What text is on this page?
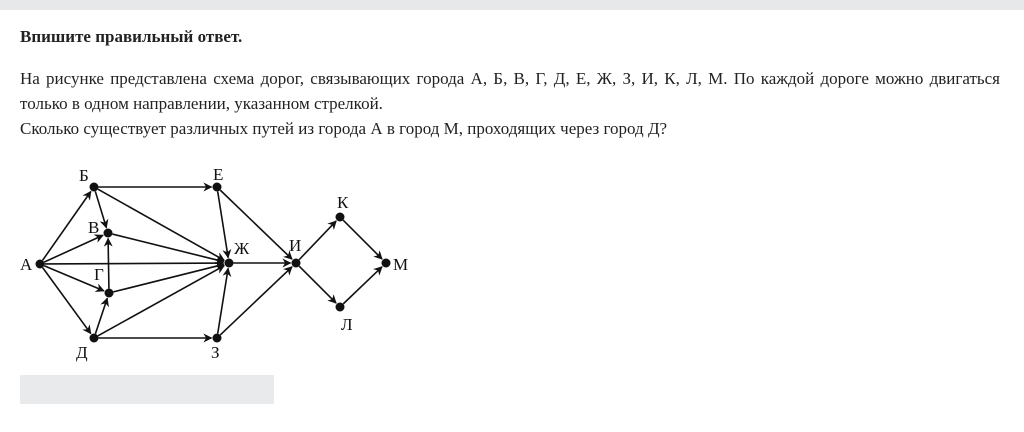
Впишите правильный ответ.

На рисунке представлена схема дорог, связывающих города А, Б, В, Г, Д, Е, Ж, З, И, К, Л, М. По каждой дороге можно двигаться только в одном направлении, указанном стрелкой.

Сколько существует различных путей из города А в город М, проходящих через город Д?

А
Б
В
Г
Д
Е
Ж
З
И
К
Л
М
